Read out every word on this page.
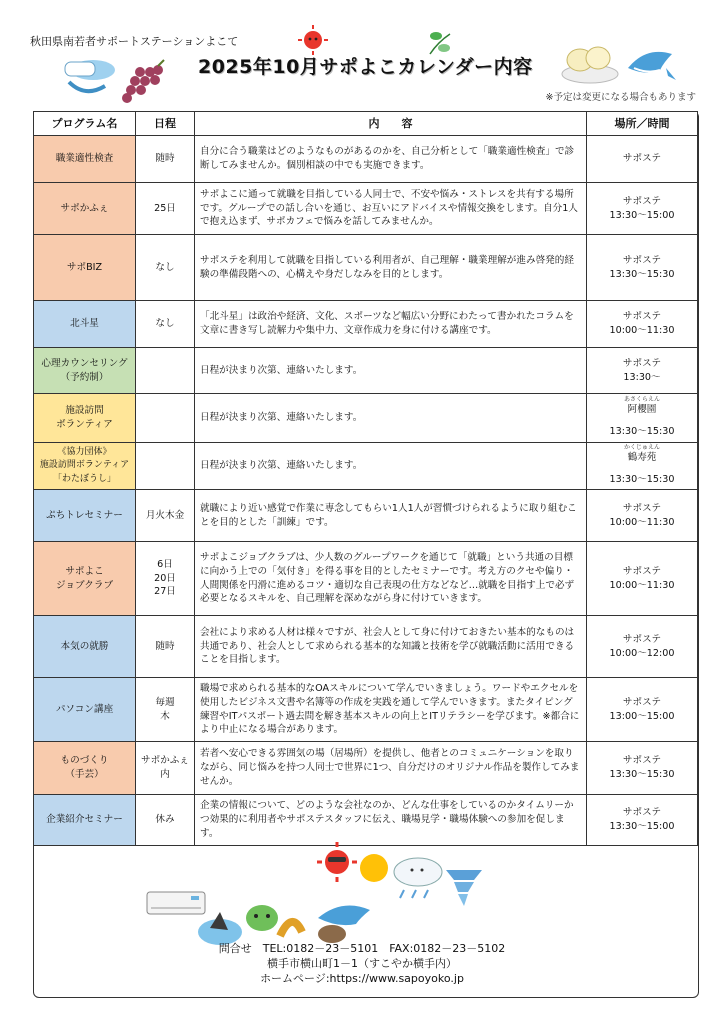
秋田県南若者サポートステーションよこて
2025年10月サポよこカレンダー内容
※予定は変更になる場合もあります
プログラム名	日程	内　　容	場所／時間
職業適性検査	随時	自分に合う職業はどのようなものがあるのかを、自己分析として「職業適性検査」で診断してみませんか。個別相談の中でも実施できます。	サポステ

サポかふぇ	25日	サポよこに通って就職を目指している人同士で、不安や悩み・ストレスを共有する場所です。グループでの話し合いを通じ、お互いにアドバイスや情報交換をします。自分1人で抱え込まず、サポカフェで悩みを話してみませんか。	サポステ
13:30～15:00

サポBIZ	なし	サポステを利用して就職を目指している利用者が、自己理解・職業理解が進み啓発的経験の準備段階への、心構えや身だしなみを目的とします。	サポステ
13:30～15:30

北斗星	なし	「北斗星」は政治や経済、文化、スポーツなど幅広い分野にわたって書かれたコラムを文章に書き写し読解力や集中力、文章作成力を身に付ける講座です。	サポステ
10:00～11:30

心理カウンセリング
（予約制）		日程が決まり次第、連絡いたします。	サポステ
13:30～

施設訪問
ボランティア		日程が決まり次第、連絡いたします。	あさくらえん
阿櫻園
13:30～15:30

《協力団体》
施設訪問ボランティア
「わたぼうし」		日程が決まり次第、連絡いたします。	かくじゅえん
鶴寿苑
13:30～15:30

ぷちトレセミナー	月火木金	就職により近い感覚で作業に専念してもらい1人1人が習慣づけられるように取り組むことを目的とした「訓練」です。	サポステ
10:00～11:30

サポよこ
ジョブクラブ	6日
20日
27日	サポよこジョブクラブは、少人数のグループワークを通じて「就職」という共通の目標に向かう上での「気付き」を得る事を目的としたセミナーです。考え方のクセや偏り・人間関係を円滑に進めるコツ・適切な自己表現の仕方などなど…就職を目指す上で必ず必要となるスキルを、自己理解を深めながら身に付けていきます。	サポステ
10:00～11:30

本気の就勝	随時	会社により求める人材は様々ですが、社会人として身に付けておきたい基本的なものは共通であり、社会人として求められる基本的な知識と技術を学び就職活動に活用できることを目指します。	サポステ
10:00～12:00

パソコン講座	毎週
木	職場で求められる基本的なOAスキルについて学んでいきましょう。ワードやエクセルを使用したビジネス文書や名簿等の作成を実践を通して学んでいきます。またタイピング練習やITパスポート過去問を解き基本スキルの向上とITリテラシーを学びます。※都合により中止になる場合があります。	サポステ
13:00～15:00

ものづくり
（手芸）	サポかふぇ
内	若者へ安心できる雰囲気の場（居場所）を提供し、他者とのコミュニケーションを取りながら、同じ悩みを持つ人同士で世界に1つ、自分だけのオリジナル作品を製作してみませんか。	サポステ
13:30～15:30

企業紹介セミナー	休み	企業の情報について、どのような会社なのか、どんな仕事をしているのかタイムリーかつ効果的に利用者やサポステスタッフに伝え、職場見学・職場体験への参加を促します。	サポステ
13:30～15:00
問合せ　TEL:0182－23－5101　FAX:0182－23－5102
横手市横山町1－1（すこやか横手内）
ホームページ:https://www.sapoyoko.jp
